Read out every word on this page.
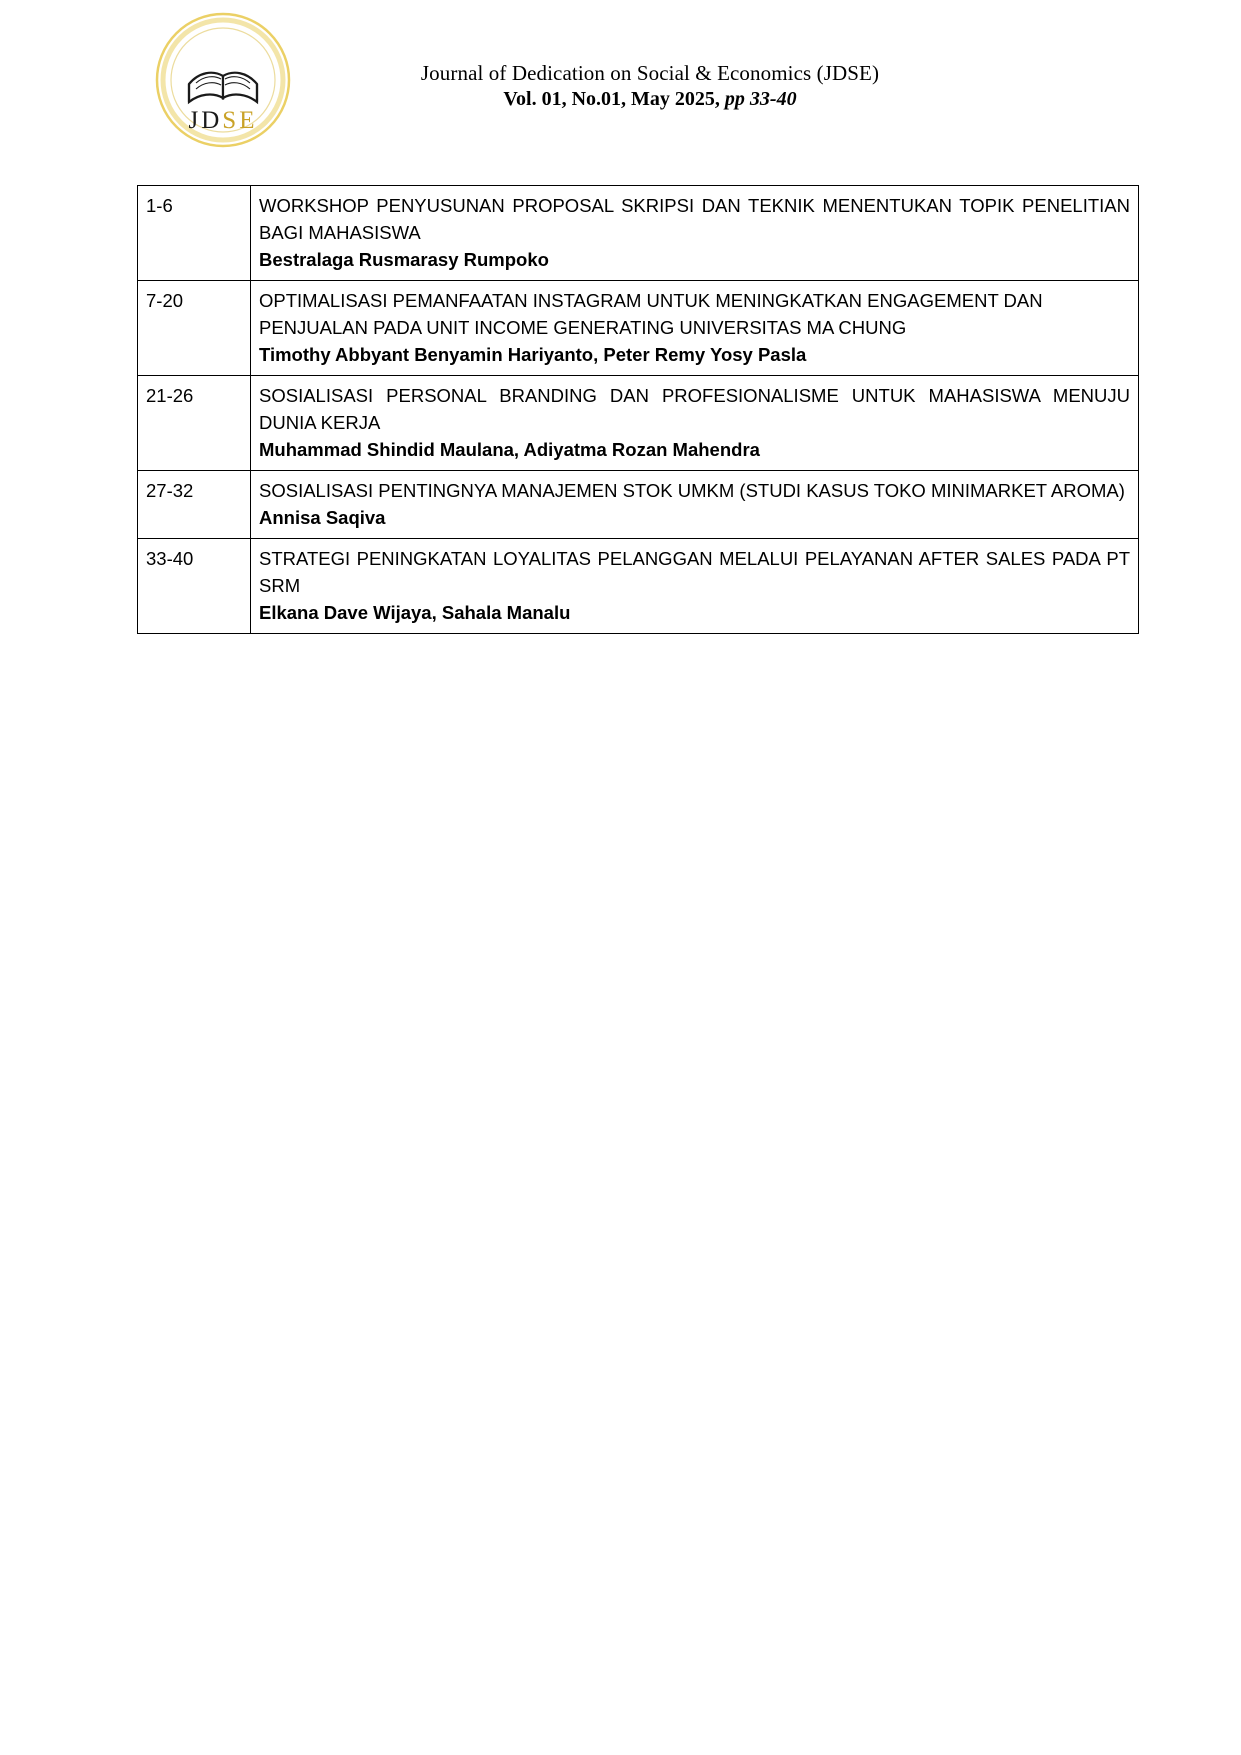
JDSE
Journal of Dedication on Social & Economics (JDSE)
Vol. 01, No.01, May 2025, pp 33-40
1-6	WORKSHOP PENYUSUNAN PROPOSAL SKRIPSI DAN TEKNIK MENENTUKAN TOPIK PENELITIAN BAGI MAHASISWA
Bestralaga Rusmarasy Rumpoko

7-20	OPTIMALISASI PEMANFAATAN INSTAGRAM UNTUK MENINGKATKAN ENGAGEMENT DAN PENJUALAN PADA UNIT INCOME GENERATING UNIVERSITAS MA CHUNG
Timothy Abbyant Benyamin Hariyanto, Peter Remy Yosy Pasla

21-26	SOSIALISASI PERSONAL BRANDING DAN PROFESIONALISME UNTUK MAHASISWA MENUJU DUNIA KERJA
Muhammad Shindid Maulana, Adiyatma Rozan Mahendra

27-32	SOSIALISASI PENTINGNYA MANAJEMEN STOK UMKM (STUDI KASUS TOKO MINIMARKET AROMA)
Annisa Saqiva

33-40	STRATEGI PENINGKATAN LOYALITAS PELANGGAN MELALUI PELAYANAN AFTER SALES PADA PT SRM
Elkana Dave Wijaya, Sahala Manalu
